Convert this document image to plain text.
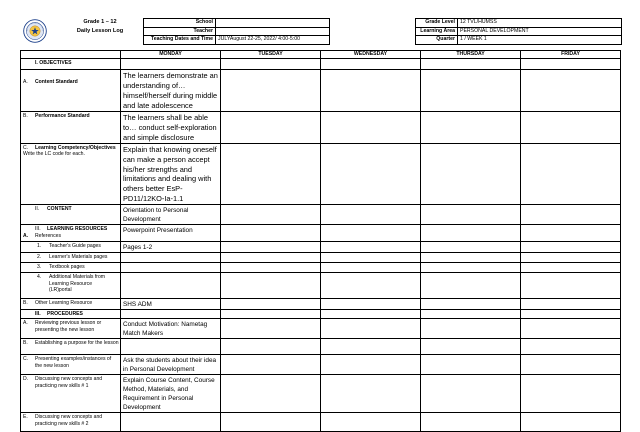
Grade 1 – 12
Daily Lesson Log
School	
Teacher	
Teaching Dates and Time	JULYAugust 22-25, 2022/ 4:00-5:00
Grade Level	12 TVL/HUMSS
Learning Area	PERSONAL DEVELOPMENT
Quarter	1 / WEEK 1
	MONDAY	TUESDAY	WEDNESDAY	THURSDAY	FRIDAY
I. OBJECTIVES					
A. Content Standard	The learners demonstrate an understanding of… himself/herself during middle and late adolescence				
B. Performance Standard	The learners shall be able to… conduct self-exploration and simple disclosure				
C. Learning Competency/Objectives
Write the LC code for each.	Explain that knowing oneself can make a person accept his/her strengths and limitations and dealing with others better EsP-PD11/12KO-Ia-1.1				
II. CONTENT	Orientation to Personal Development				

III. LEARNING RESOURCES
A. References	Powerpoint Presentation				
1. Teacher's Guide pages	Pages 1-2				
2. Learner's Materials pages					
3. Textbook pages					

4. Additional Materials from Learning Resource (LR)portal					

B. Other Learning Resource	SHS ADM				
III. PROCEDURES					

A. Reviewing previous lesson or presenting the new lesson	Conduct Motivation: Nametag Match Makers				

B. Establishing a purpose for the lesson					

C. Presenting examples/instances of the new lesson	Ask the students about their idea in Personal Development				

D. Discussing new concepts and practicing new skills # 1	Explain Course Content, Course Method, Materials, and Requirement in Personal Development				

E. Discussing new concepts and practicing new skills # 2					
